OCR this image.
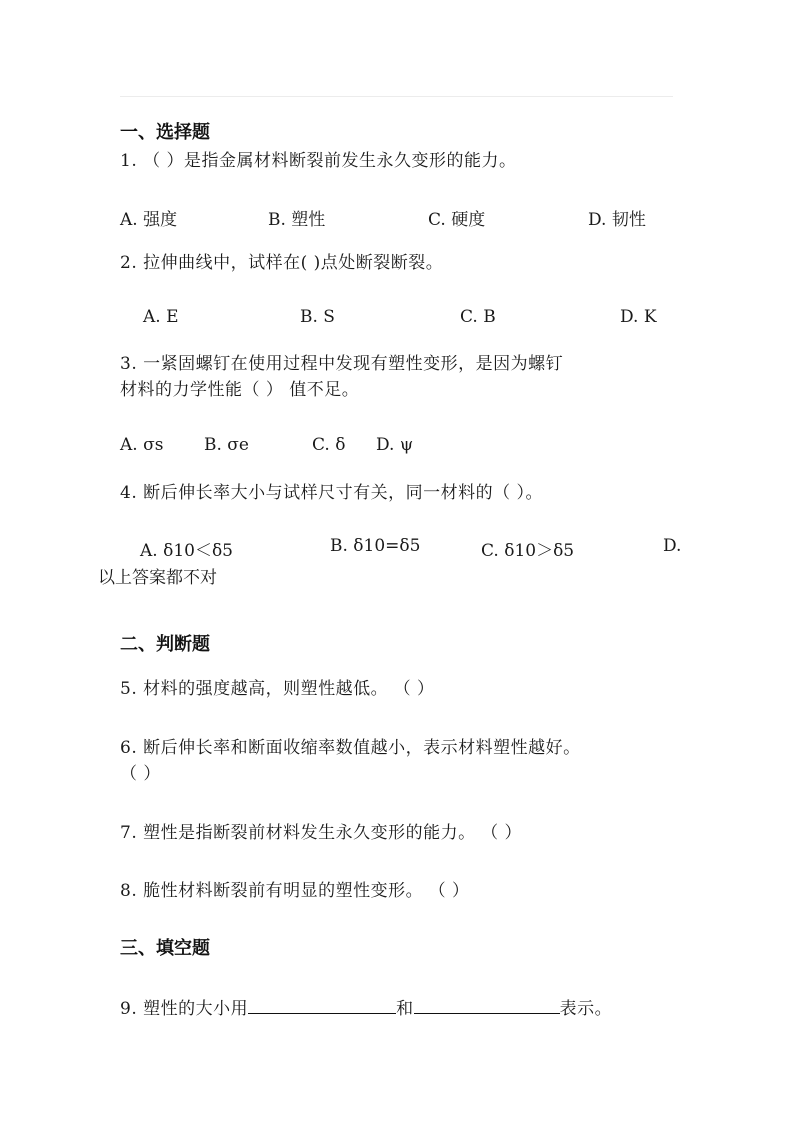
一、选择题
1. （ ）是指金属材料断裂前发生永久变形的能力。
A. 强度	B. 塑性	C. 硬度	D. 韧性
2. 拉伸曲线中，试样在( )点处断裂断裂。
A. E	B. S	C. B	D. K
3. 一紧固螺钉在使用过程中发现有塑性变形，是因为螺钉
材料的力学性能（ ） 值不足。
A. σs B. σe	C. δ D. ψ
4. 断后伸长率大小与试样尺寸有关，同一材料的（ ）。
A. δ10＜δ5	B. δ10=δ5	C. δ10＞δ5	D.
以上答案都不对
二、判断题
5. 材料的强度越高，则塑性越低。 （ ）
6. 断后伸长率和断面收缩率数值越小，表示材料塑性越好。
（ ）
7. 塑性是指断裂前材料发生永久变形的能力。 （ ）
8. 脆性材料断裂前有明显的塑性变形。 （ ）
三、填空题
9. 塑性的大小用	和	表示。
